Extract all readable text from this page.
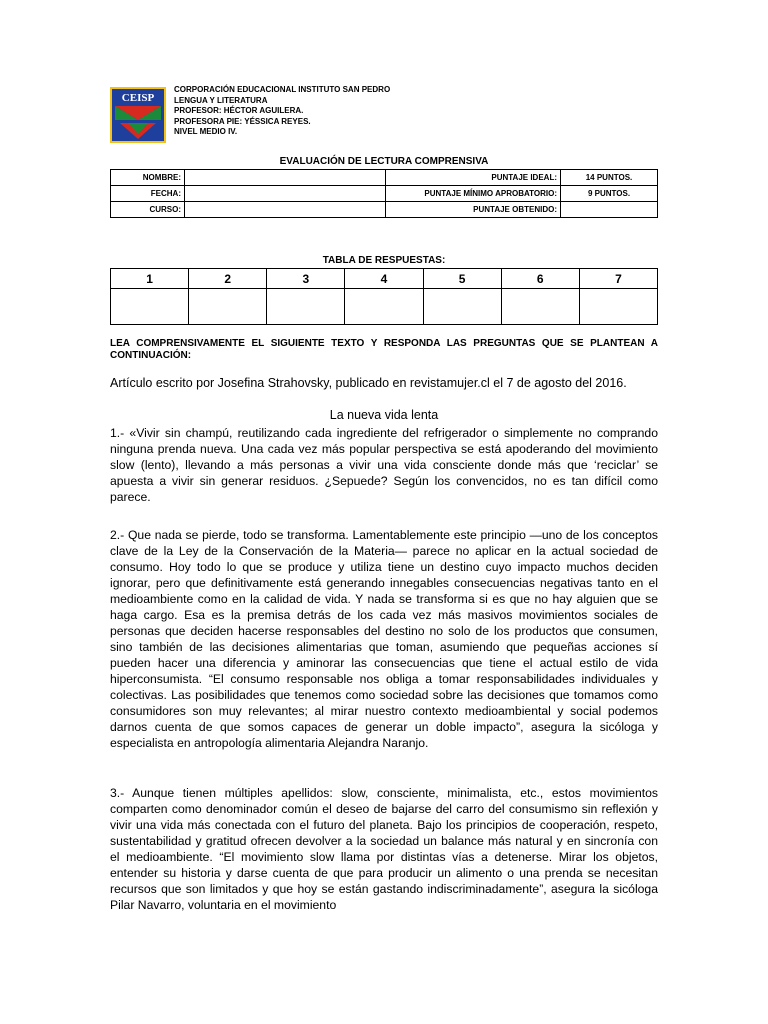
CEISP
CORPORACIÓN EDUCACIONAL INSTITUTO SAN PEDRO
LENGUA Y LITERATURA
PROFESOR: HÉCTOR AGUILERA.
PROFESORA PIE: YÉSSICA REYES.
NIVEL MEDIO IV.
EVALUACIÓN DE LECTURA COMPRENSIVA
NOMBRE:		PUNTAJE IDEAL:	14 PUNTOS.
FECHA:		PUNTAJE MÍNIMO APROBATORIO:	9 PUNTOS.
CURSO:		PUNTAJE OBTENIDO:	
TABLA DE RESPUESTAS:
1	2	3	4	5	6	7

LEA COMPRENSIVAMENTE EL SIGUIENTE TEXTO Y RESPONDA LAS PREGUNTAS QUE SE PLANTEAN A CONTINUACIÓN:
Artículo escrito por Josefina Strahovsky, publicado en revistamujer.cl el 7 de agosto del 2016.
La nueva vida lenta
1.- «Vivir sin champú, reutilizando cada ingrediente del refrigerador o simplemente no comprando ninguna prenda nueva. Una cada vez más popular perspectiva se está apoderando del movimiento slow (lento), llevando a más personas a vivir una vida consciente donde más que ‘reciclar’ se apuesta a vivir sin generar residuos. ¿Sepuede? Según los convencidos, no es tan difícil como parece.
2.- Que nada se pierde, todo se transforma. Lamentablemente este principio —uno de los conceptos clave de la Ley de la Conservación de la Materia— parece no aplicar en la actual sociedad de consumo. Hoy todo lo que se produce y utiliza tiene un destino cuyo impacto muchos deciden ignorar, pero que definitivamente está generando innegables consecuencias negativas tanto en el medioambiente como en la calidad de vida. Y nada se transforma si es que no hay alguien que se haga cargo. Esa es la premisa detrás de los cada vez más masivos movimientos sociales de personas que deciden hacerse responsables del destino no solo de los productos que consumen, sino también de las decisiones alimentarias que toman, asumiendo que pequeñas acciones sí pueden hacer una diferencia y aminorar las consecuencias que tiene el actual estilo de vida hiperconsumista. “El consumo responsable nos obliga a tomar responsabilidades individuales y colectivas. Las posibilidades que tenemos como sociedad sobre las decisiones que tomamos como consumidores son muy relevantes; al mirar nuestro contexto medioambiental y social podemos darnos cuenta de que somos capaces de generar un doble impacto”, asegura la sicóloga y especialista en antropología alimentaria Alejandra Naranjo.
3.- Aunque tienen múltiples apellidos: slow, consciente, minimalista, etc., estos movimientos comparten como denominador común el deseo de bajarse del carro del consumismo sin reflexión y vivir una vida más conectada con el futuro del planeta. Bajo los principios de cooperación, respeto, sustentabilidad y gratitud ofrecen devolver a la sociedad un balance más natural y en sincronía con el medioambiente. “El movimiento slow llama por distintas vías a detenerse. Mirar los objetos, entender su historia y darse cuenta de que para producir un alimento o una prenda se necesitan recursos que son limitados y que hoy se están gastando indiscriminadamente”, asegura la sicóloga Pilar Navarro, voluntaria en el movimiento
